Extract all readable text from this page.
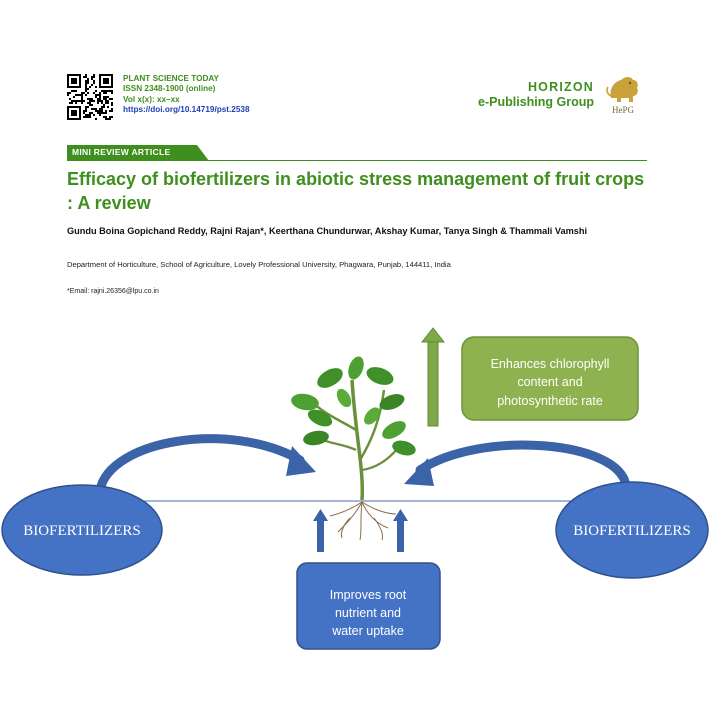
PLANT SCIENCE TODAY
ISSN 2348-1900 (online)
Vol x(x): xx–xx
https://doi.org/10.14719/pst.2538
HORIZON
e-Publishing Group
HePG
MINI REVIEW ARTICLE
Efficacy of biofertilizers in abiotic stress management of fruit crops : A review
Gundu Boina Gopichand Reddy, Rajni Rajan*, Keerthana Chundurwar, Akshay Kumar, Tanya Singh & Thammali Vamshi
Department of Horticulture, School of Agriculture, Lovely Professional University, Phagwara, Punjab, 144411, India
*Email: rajni.26356@lpu.co.in
BIOFERTILIZERS	BIOFERTILIZERS
Enhances chlorophyll
content and
photosynthetic rate
Improves root
nutrient and
water uptake
